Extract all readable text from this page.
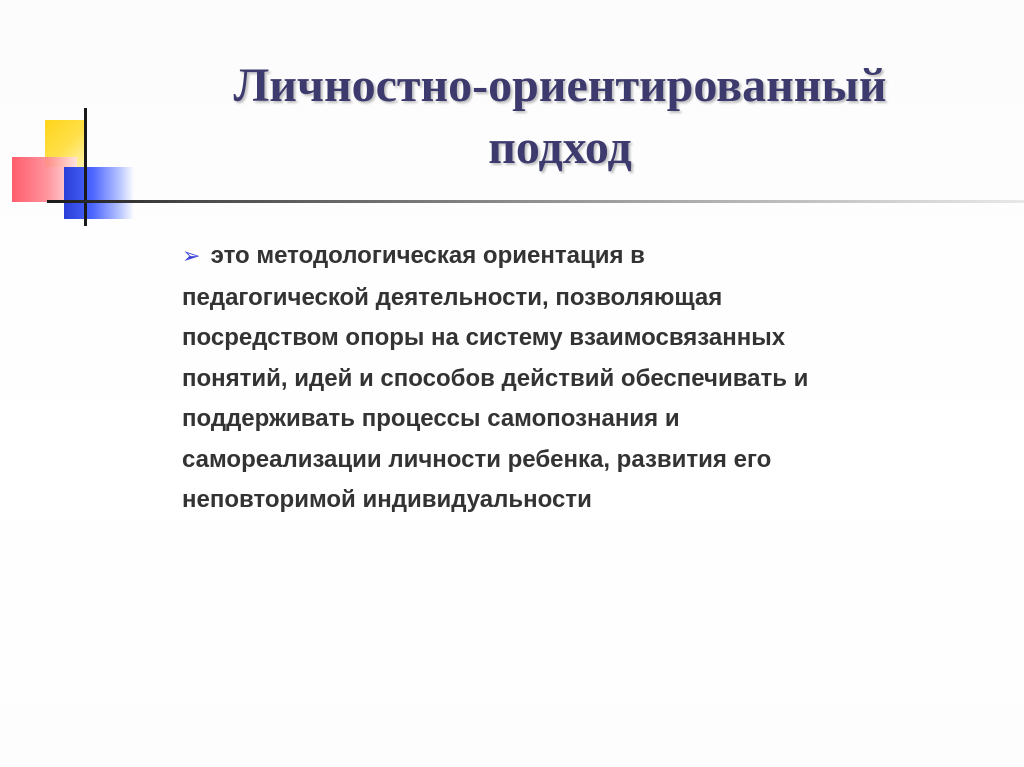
Личностно-ориентированный
подход
➢ это методологическая ориентация в
педагогической деятельности, позволяющая
посредством опоры на систему взаимосвязанных
понятий, идей и способов действий обеспечивать и
поддерживать процессы самопознания и
самореализации личности ребенка, развития его
неповторимой индивидуальности
